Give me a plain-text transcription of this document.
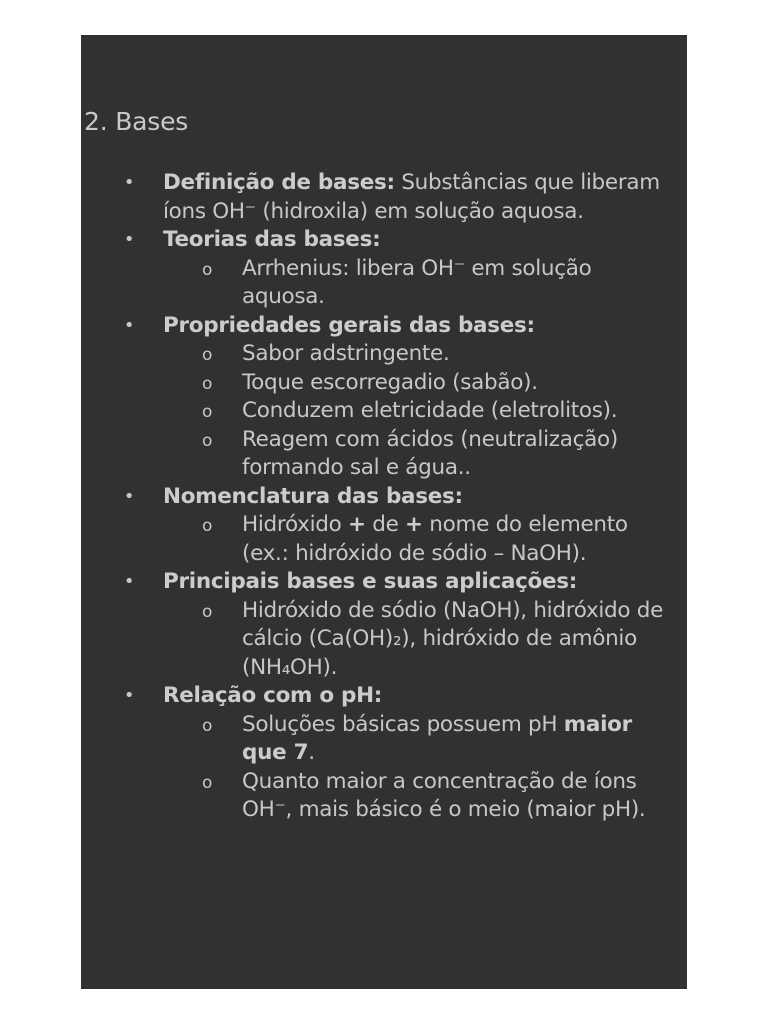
2. Bases
• Definição de bases: Substâncias que liberam íons OH⁻ (hidroxila) em solução aquosa.
• Teorias das bases:
o Arrhenius: libera OH⁻ em solução aquosa.
• Propriedades gerais das bases:
o Sabor adstringente.
o Toque escorregadio (sabão).
o Conduzem eletricidade (eletrolitos).
o Reagem com ácidos (neutralização) formando sal e água..
• Nomenclatura das bases:
o Hidróxido + de + nome do elemento (ex.: hidróxido de sódio – NaOH).
• Principais bases e suas aplicações:
o Hidróxido de sódio (NaOH), hidróxido de cálcio (Ca(OH)₂), hidróxido de amônio (NH₄OH).
• Relação com o pH:
o Soluções básicas possuem pH maior que 7.
o Quanto maior a concentração de íons OH⁻, mais básico é o meio (maior pH).
